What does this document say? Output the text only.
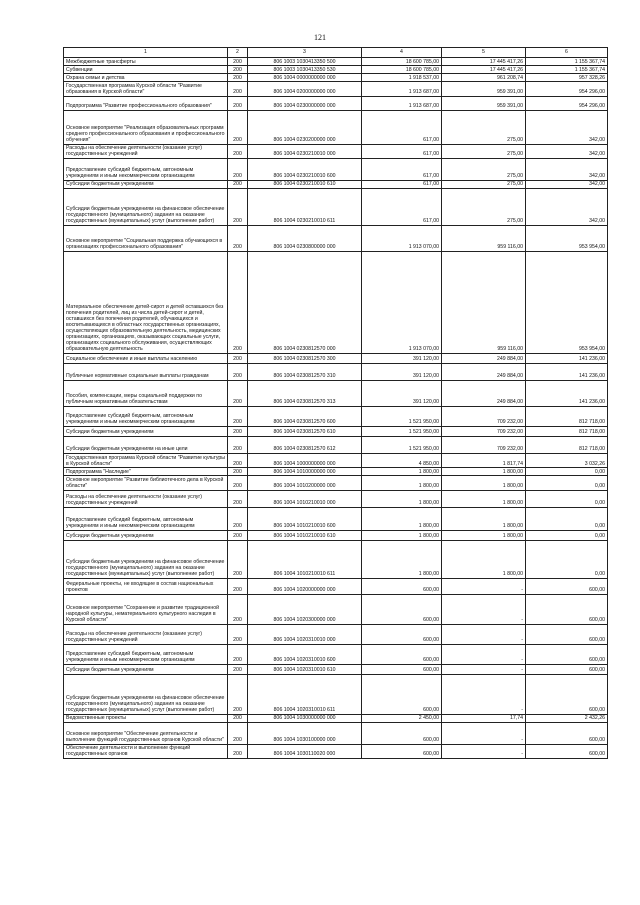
121
1	2	3	4	5	6
Межбюджетные трансферты	200	806 1003 1030413350 500	18 600 785,00	17 445 417,26	1 155 367,74
Субвенции	200	806 1003 1030413350 530	18 600 785,00	17 445 417,26	1 155 367,74
Охрана семьи и детства	200	806 1004 0000000000 000	1 918 537,00	961 208,74	957 328,26
Государственная программа Курской области "Развитие образования в Курской области"	200	806 1004 0200000000 000	1 913 687,00	959 391,00	954 296,00
Подпрограмма "Развитие профессионального образования"	200	806 1004 0230000000 000	1 913 687,00	959 391,00	954 296,00
Основное мероприятие "Реализация образовательных программ среднего профессионального образования и профессионального обучения"	200	806 1004 0230200000 000	617,00	275,00	342,00
Расходы на обеспечение деятельности (оказание услуг) государственных учреждений	200	806 1004 0230210010 000	617,00	275,00	342,00
Предоставление субсидий бюджетным, автономным учреждениям и иным некоммерческим организациям	200	806 1004 0230210010 600	617,00	275,00	342,00
Субсидии бюджетным учреждениям	200	806 1004 0230210010 610	617,00	275,00	342,00
Субсидии бюджетным учреждениям на финансовое обеспечение государственного (муниципального) задания на оказание государственных (муниципальных) услуг (выполнение работ)	200	806 1004 0230210010 611	617,00	275,00	342,00
Основное мероприятие "Социальная поддержка обучающихся в организациях профессионального образования"	200	806 1004 0230800000 000	1 913 070,00	959 116,00	953 954,00
Материальное обеспечение детей-сирот и детей оставшихся без попечения родителей, лиц из числа детей-сирот и детей, оставшихся без попечения родителей, обучающихся и воспитывающихся в областных государственных организациях, осуществляющих образовательную деятельность, медицинских организациях, организациях, оказывающих социальные услуги, организациях социального обслуживания, осуществляющих образовательную деятельность	200	806 1004 0230812570 000	1 913 070,00	959 116,00	953 954,00
Социальное обеспечение и иные выплаты населению	200	806 1004 0230812570 300	391 120,00	249 884,00	141 236,00
Публичные нормативные социальные выплаты гражданам	200	806 1004 0230812570 310	391 120,00	249 884,00	141 236,00
Пособия, компенсации, меры социальной поддержки по публичным нормативным обязательствам	200	806 1004 0230812570 313	391 120,00	249 884,00	141 236,00
Предоставление субсидий бюджетным, автономным учреждениям и иным некоммерческим организациям	200	806 1004 0230812570 600	1 521 950,00	709 232,00	812 718,00
Субсидии бюджетным учреждениям	200	806 1004 0230812570 610	1 521 950,00	709 232,00	812 718,00
Субсидии бюджетным учреждениям на иные цели	200	806 1004 0230812570 612	1 521 950,00	709 232,00	812 718,00
Государственная программа Курской области "Развитие культуры в Курской области"	200	806 1004 1000000000 000	4 850,00	1 817,74	3 032,26
Подпрограмма "Наследие"	200	806 1004 1010000000 000	1 800,00	1 800,00	0,00
Основное мероприятие "Развитие библиотечного дела в Курской области"	200	806 1004 1010200000 000	1 800,00	1 800,00	0,00
Расходы на обеспечение деятельности (оказание услуг) государственных учреждений	200	806 1004 1010210010 000	1 800,00	1 800,00	0,00
Предоставление субсидий бюджетным, автономным учреждениям и иным некоммерческим организациям	200	806 1004 1010210010 600	1 800,00	1 800,00	0,00
Субсидии бюджетным учреждениям	200	806 1004 1010210010 610	1 800,00	1 800,00	0,00
Субсидии бюджетным учреждениям на финансовое обеспечение государственного (муниципального) задания на оказание государственных (муниципальных) услуг (выполнение работ)	200	806 1004 1010210010 611	1 800,00	1 800,00	0,00
Федеральные проекты, не входящие в состав национальных проектов	200	806 1004 1020000000 000	600,00	-	600,00
Основное мероприятие "Сохранение и развитие традиционной народной культуры, нематериального культурного наследия в Курской области"	200	806 1004 1020300000 000	600,00	-	600,00
Расходы на обеспечение деятельности (оказание услуг) государственных учреждений	200	806 1004 1020310010 000	600,00	-	600,00
Предоставление субсидий бюджетным, автономным учреждениям и иным некоммерческим организациям	200	806 1004 1020310010 600	600,00	-	600,00
Субсидии бюджетным учреждениям	200	806 1004 1020310010 610	600,00	-	600,00
Субсидии бюджетным учреждениям на финансовое обеспечение государственного (муниципального) задания на оказание государственных (муниципальных) услуг (выполнение работ)	200	806 1004 1020310010 611	600,00	-	600,00
Ведомственные проекты	200	806 1004 1030000000 000	2 450,00	17,74	2 432,26
Основное мероприятие "Обеспечение деятельности и выполнение функций государственных органов Курской области"	200	806 1004 1030100000 000	600,00	-	600,00
Обеспечение деятельности и выполнение функций государственных органов	200	806 1004 1030110020 000	600,00	-	600,00
